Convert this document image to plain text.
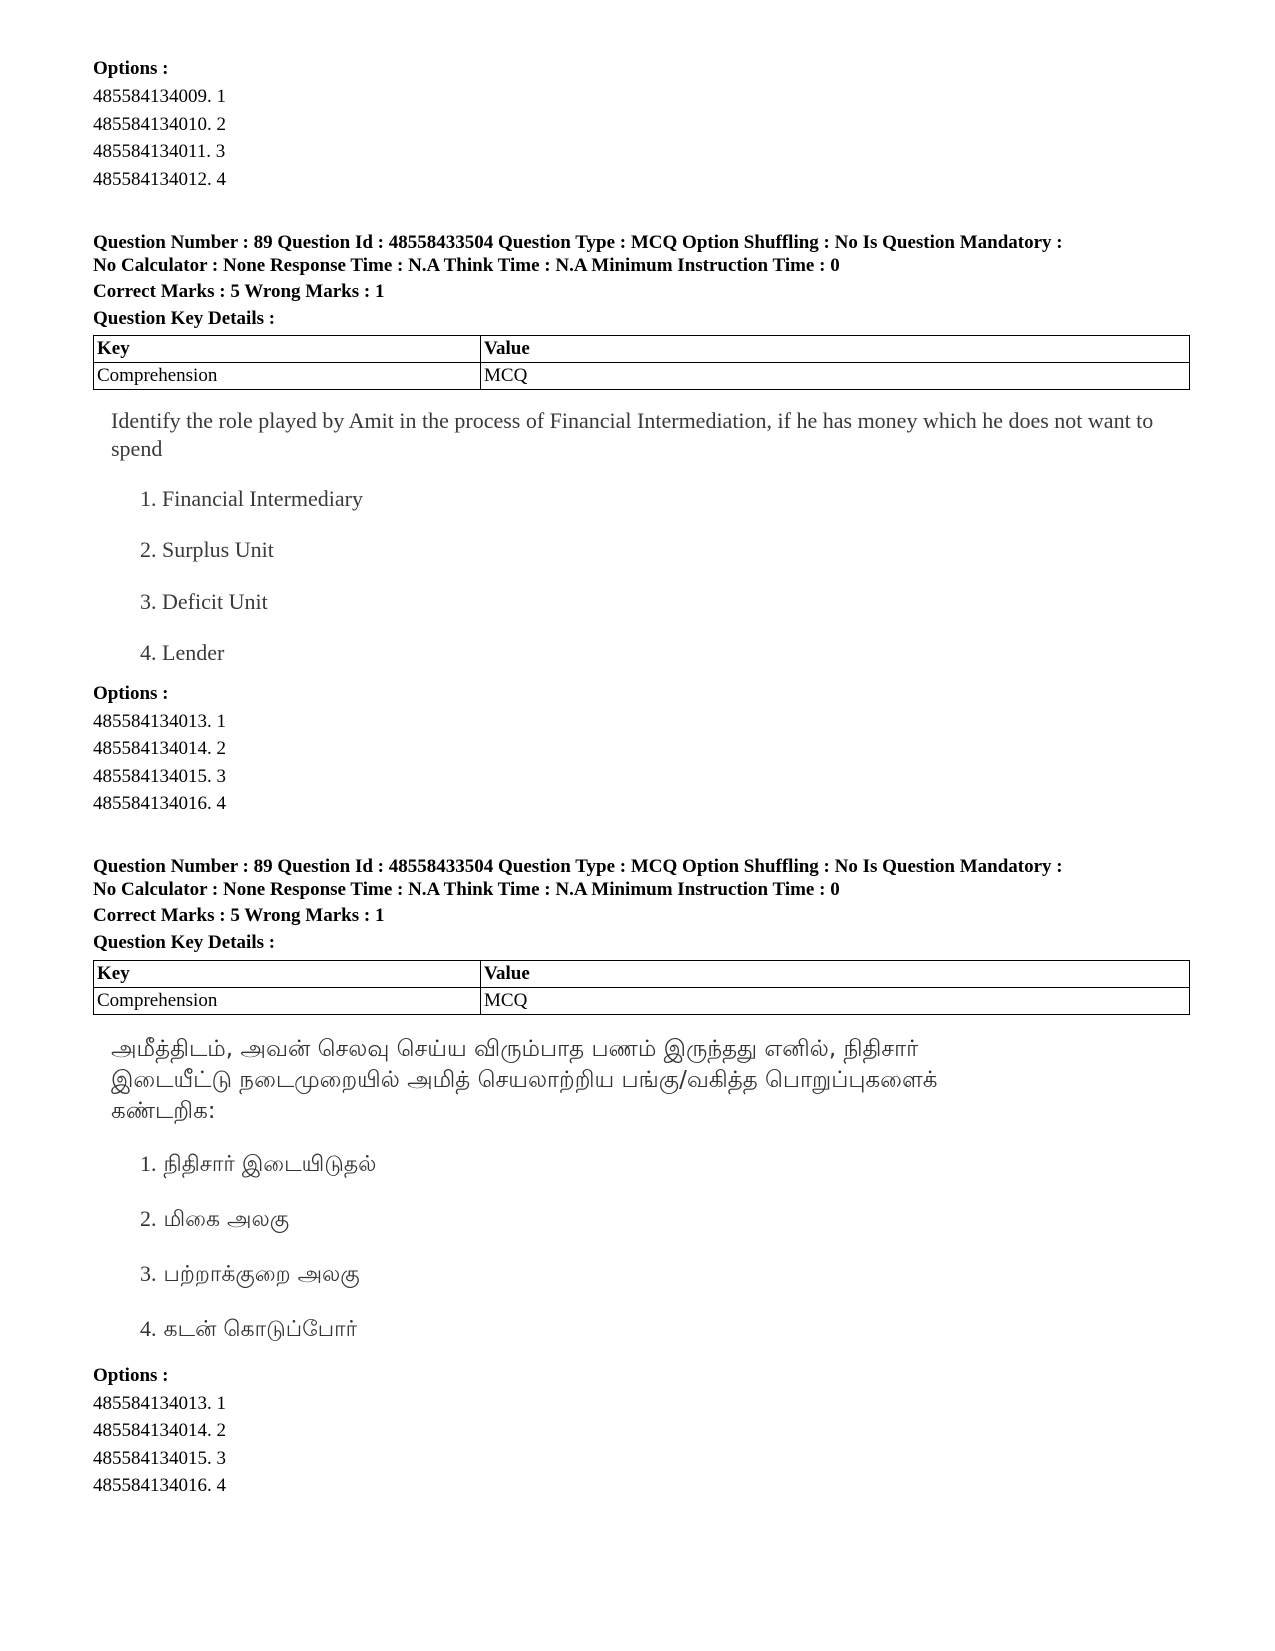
Options :
485584134009. 1
485584134010. 2
485584134011. 3
485584134012. 4
Question Number : 89 Question Id : 48558433504 Question Type : MCQ Option Shuffling : No Is Question Mandatory :
No Calculator : None Response Time : N.A Think Time : N.A Minimum Instruction Time : 0
Correct Marks : 5 Wrong Marks : 1
Question Key Details :
Key	Value
Comprehension	MCQ
Identify the role played by Amit in the process of Financial Intermediation, if he has money which he does not want to spend
1. Financial Intermediary
2. Surplus Unit
3. Deficit Unit
4. Lender
Options :
485584134013. 1
485584134014. 2
485584134015. 3
485584134016. 4
Question Number : 89 Question Id : 48558433504 Question Type : MCQ Option Shuffling : No Is Question Mandatory :
No Calculator : None Response Time : N.A Think Time : N.A Minimum Instruction Time : 0
Correct Marks : 5 Wrong Marks : 1
Question Key Details :
Key	Value
Comprehension	MCQ
அமீத்திடம், அவன் செலவு செய்ய விரும்பாத பணம் இருந்தது எனில், நிதிசார்
இடையீட்டு நடைமுறையில் அமித் செயலாற்றிய பங்கு/வகித்த பொறுப்புகளைக்
கண்டறிக:
1. நிதிசார் இடையிடுதல்
2. மிகை அலகு
3. பற்றாக்குறை அலகு
4. கடன் கொடுப்போர்
Options :
485584134013. 1
485584134014. 2
485584134015. 3
485584134016. 4
